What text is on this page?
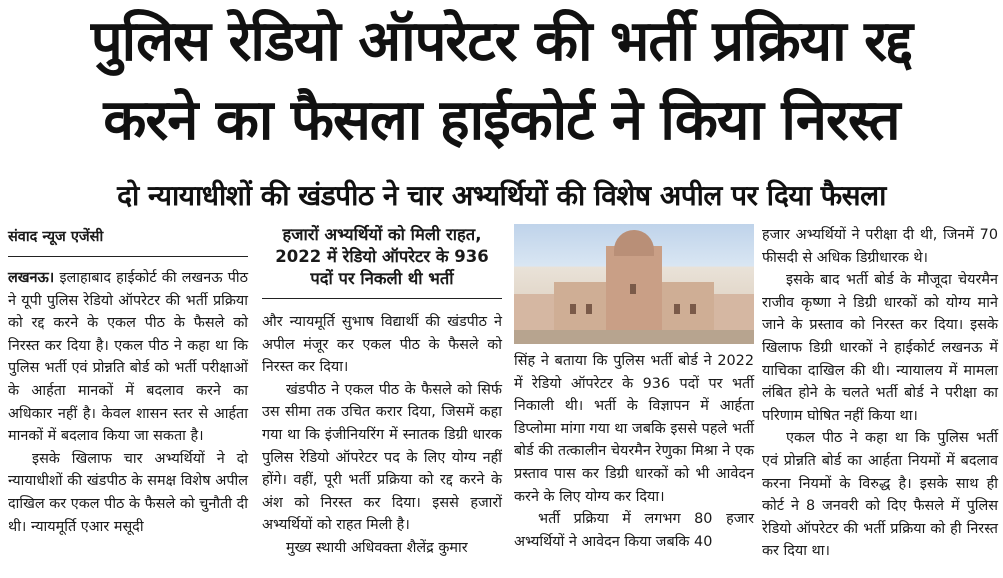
पुलिस रेडियो ऑपरेटर की भर्ती प्रक्रिया रद्द
करने का फैसला हाईकोर्ट ने किया निरस्त
दो न्यायाधीशों की खंडपीठ ने चार अभ्यर्थियों की विशेष अपील पर दिया फैसला
संवाद न्यूज एजेंसी

लखनऊ। इलाहाबाद हाईकोर्ट की लखनऊ पीठ ने यूपी पुलिस रेडियो ऑपरेटर की भर्ती प्रक्रिया को रद्द करने के एकल पीठ के फैसले को निरस्त कर दिया है। एकल पीठ ने कहा था कि पुलिस भर्ती एवं प्रोन्नति बोर्ड को भर्ती परीक्षाओं के आर्हता मानकों में बदलाव करने का अधिकार नहीं है। केवल शासन स्तर से आर्हता मानकों में बदलाव किया जा सकता है।

इसके खिलाफ चार अभ्यर्थियों ने दो न्यायाधीशों की खंडपीठ के समक्ष विशेष अपील दाखिल कर एकल पीठ के फैसले को चुनौती दी थी। न्यायमूर्ति एआर मसूदी

हजारों अभ्यर्थियों को मिली राहत, 2022 में रेडियो ऑपरेटर के 936 पदों पर निकली थी भर्ती

और न्यायमूर्ति सुभाष विद्यार्थी की खंडपीठ ने अपील मंजूर कर एकल पीठ के फैसले को निरस्त कर दिया।

खंडपीठ ने एकल पीठ के फैसले को सिर्फ उस सीमा तक उचित करार दिया, जिसमें कहा गया था कि इंजीनियरिंग में स्नातक डिग्री धारक पुलिस रेडियो ऑपरेटर पद के लिए योग्य नहीं होंगे। वहीं, पूरी भर्ती प्रक्रिया को रद्द करने के अंश को निरस्त कर दिया। इससे हजारों अभ्यर्थियों को राहत मिली है।

मुख्य स्थायी अधिवक्ता शैलेंद्र कुमार

सिंह ने बताया कि पुलिस भर्ती बोर्ड ने 2022 में रेडियो ऑपरेटर के 936 पदों पर भर्ती निकाली थी। भर्ती के विज्ञापन में आर्हता डिप्लोमा मांगा गया था जबकि इससे पहले भर्ती बोर्ड की तत्कालीन चेयरमैन रेणुका मिश्रा ने एक प्रस्ताव पास कर डिग्री धारकों को भी आवेदन करने के लिए योग्य कर दिया।

भर्ती प्रक्रिया में लगभग 80 हजार अभ्यर्थियों ने आवेदन किया जबकि 40

हजार अभ्यर्थियों ने परीक्षा दी थी, जिनमें 70 फीसदी से अधिक डिग्रीधारक थे।

इसके बाद भर्ती बोर्ड के मौजूदा चेयरमैन राजीव कृष्णा ने डिग्री धारकों को योग्य माने जाने के प्रस्ताव को निरस्त कर दिया। इसके खिलाफ डिग्री धारकों ने हाईकोर्ट लखनऊ में याचिका दाखिल की थी। न्यायालय में मामला लंबित होने के चलते भर्ती बोर्ड ने परीक्षा का परिणाम घोषित नहीं किया था।

एकल पीठ ने कहा था कि पुलिस भर्ती एवं प्रोन्नति बोर्ड का आर्हता नियमों में बदलाव करना नियमों के विरुद्ध है। इसके साथ ही कोर्ट ने 8 जनवरी को दिए फैसले में पुलिस रेडियो ऑपरेटर की भर्ती प्रक्रिया को ही निरस्त कर दिया था।
